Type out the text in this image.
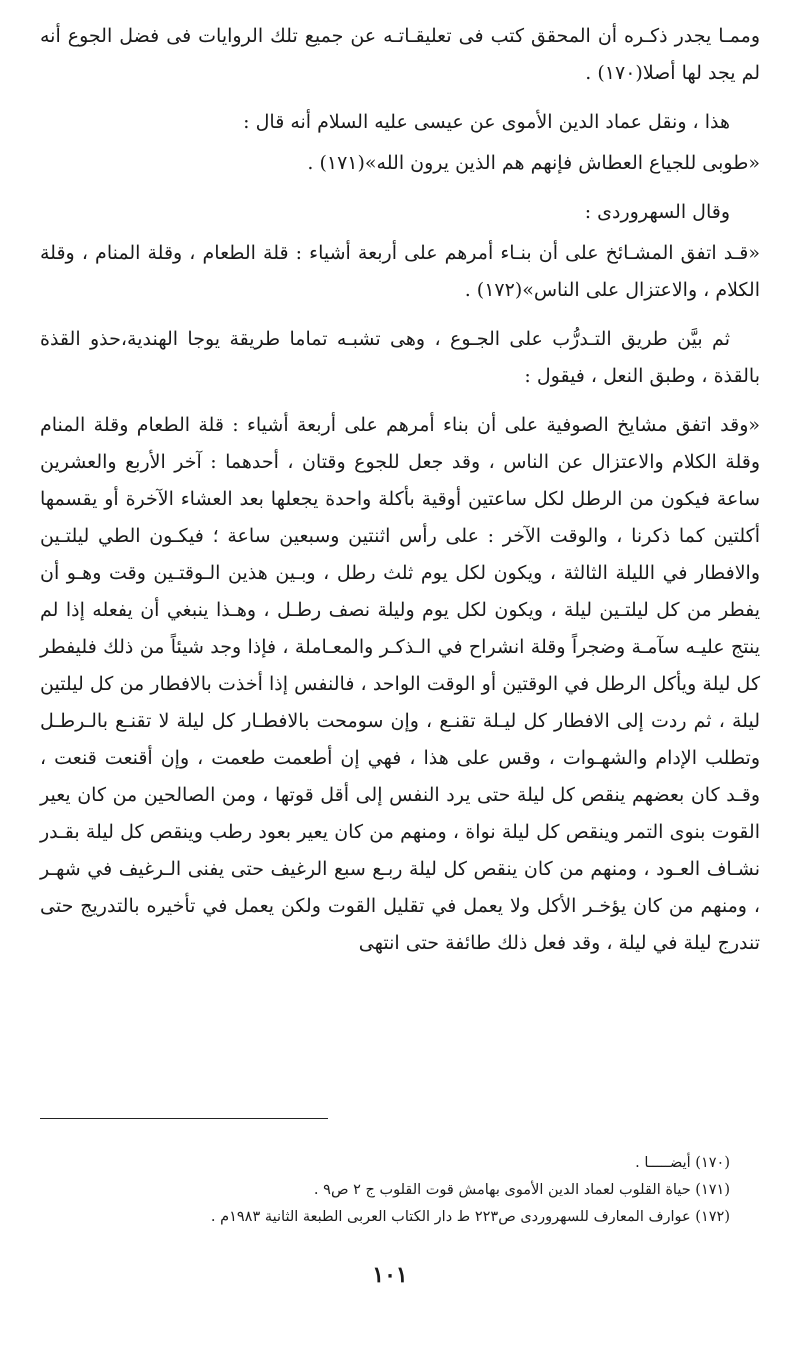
وممـا يجدر ذكـره أن المحقق كتب فى تعليقـاتـه عن جميع تلك الروايات فى فضل الجوع أنه لم يجد لها أصلا(١٧٠) .

هذا ، ونقل عماد الدين الأموى عن عيسى عليه السلام أنه قال :

«طوبى للجياع العطاش فإنهم هم الذين يرون الله»(١٧١) .

وقال السهروردى :

«قـد اتفق المشـائخ على أن بنـاء أمرهم على أربعة أشياء : قلة الطعام ، وقلة المنام ، وقلة الكلام ، والاعتزال على الناس»(١٧٢) .

ثم بيَّن طريق التـدرُّب على الجـوع ، وهى تشبـه تماما طريقة يوجا الهندية،حذو القذة بالقذة ، وطبق النعل ، فيقول :

«وقد اتفق مشايخ الصوفية على أن بناء أمرهم على أربعة أشياء : قلة الطعام وقلة المنام وقلة الكلام والاعتزال عن الناس ، وقد جعل للجوع وقتان ، أحدهما : آخر الأربع والعشرين ساعة فيكون من الرطل لكل ساعتين أوقية بأكلة واحدة يجعلها بعد العشاء الآخرة أو يقسمها أكلتين كما ذكرنا ، والوقت الآخر : على رأس اثنتين وسبعين ساعة ؛ فيكـون الطي ليلتـين والافطار في الليلة الثالثة ، ويكون لكل يوم ثلث رطل ، وبـين هذين الـوقتـين وقت وهـو أن يفطر من كل ليلتـين ليلة ، ويكون لكل يوم وليلة نصف رطـل ، وهـذا ينبغي أن يفعله إذا لم ينتج عليـه سآمـة وضجراً وقلة انشراح في الـذكـر والمعـاملة ، فإذا وجد شيئاً من ذلك فليفطر كل ليلة ويأكل الرطل في الوقتين أو الوقت الواحد ، فالنفس إذا أخذت بالافطار من كل ليلتين ليلة ، ثم ردت إلى الافطار كل ليـلة تقنـع ، وإن سومحت بالافطـار كل ليلة لا تقنـع بالـرطـل وتطلب الإدام والشهـوات ، وقس على هذا ، فهي إن أطعمت طعمت ، وإن أقنعت قنعت ، وقـد كان بعضهم ينقص كل ليلة حتى يرد النفس إلى أقل قوتها ، ومن الصالحين من كان يعير القوت بنوى التمر وينقص كل ليلة نواة ، ومنهم من كان يعير بعود رطب وينقص كل ليلة بقـدر نشـاف العـود ، ومنهم من كان ينقص كل ليلة ربـع سبع الرغيف حتى يفنى الـرغيف في شهـر ، ومنهم من كان يؤخـر الأكل ولا يعمل في تقليل القوت ولكن يعمل في تأخيره بالتدريج حتى تندرج ليلة في ليلة ، وقد فعل ذلك طائفة حتى انتهى

(١٧٠) أيضـــــا .

(١٧١) حياة القلوب لعماد الدين الأموى بهامش قوت القلوب ج ٢ ص٩ .

(١٧٢) عوارف المعارف للسهروردى ص٢٢٣ ط دار الكتاب العربى الطبعة الثانية ١٩٨٣م .

١٠١
